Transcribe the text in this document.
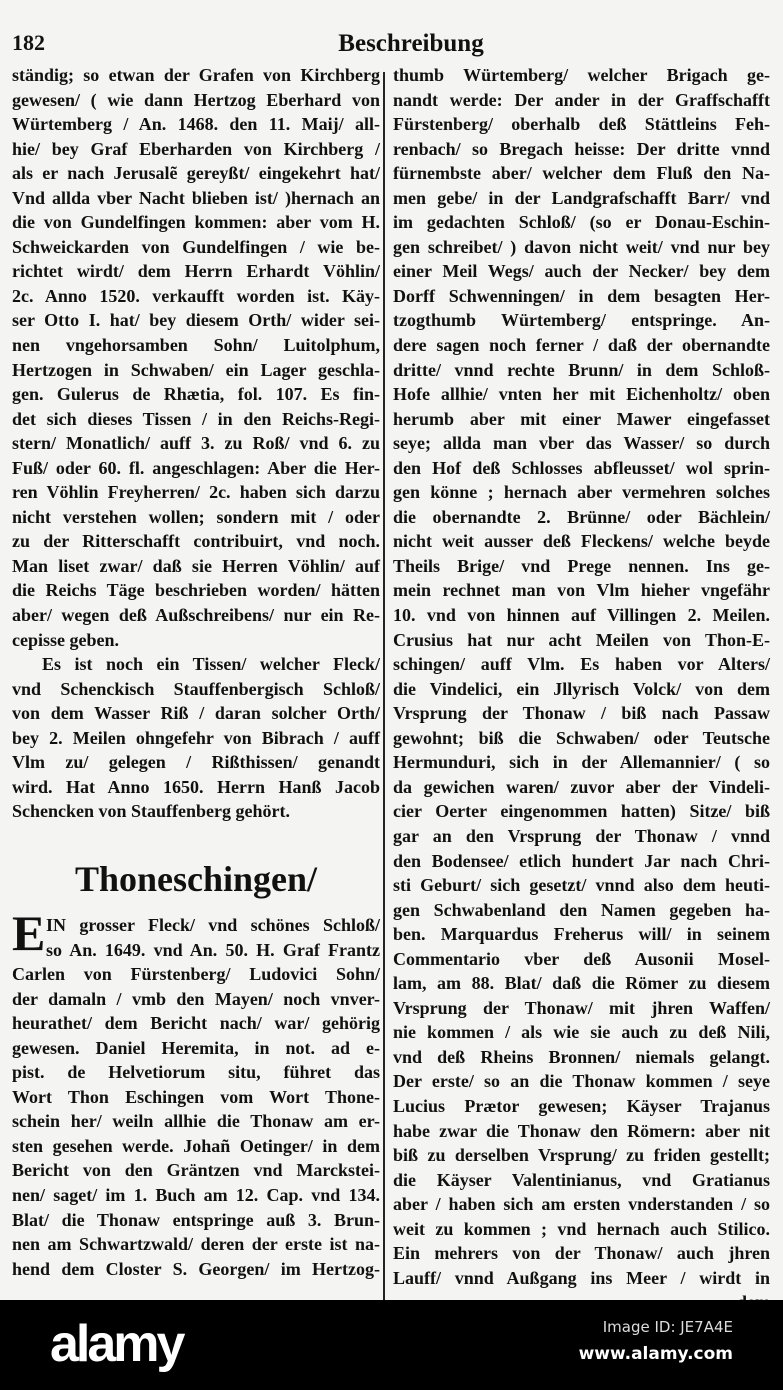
182	Beschreibung
ständig; so etwan der Grafen von Kirchberg
gewesen/ ( wie dann Hertzog Eberhard von
Würtemberg / An. 1468. den 11. Maij/ all-
hie/ bey Graf Eberharden von Kirchberg /
als er nach Jerusalẽ gereyßt/ eingekehrt hat/
Vnd allda vber Nacht blieben ist/ )hernach an
die von Gundelfingen kommen: aber vom H.
Schweickarden von Gundelfingen / wie be-
richtet wirdt/ dem Herrn Erhardt Vöhlin/
2c. Anno 1520. verkaufft worden ist. Käy-
ser Otto I. hat/ bey diesem Orth/ wider sei-
nen vngehorsamben Sohn/ Luitolphum,
Hertzogen in Schwaben/ ein Lager geschla-
gen. Gulerus de Rhætia, fol. 107. Es fin-
det sich dieses Tissen / in den Reichs-Regi-
stern/ Monatlich/ auff 3. zu Roß/ vnd 6. zu
Fuß/ oder 60. fl. angeschlagen: Aber die Her-
ren Vöhlin Freyherren/ 2c. haben sich darzu
nicht verstehen wollen; sondern mit / oder
zu der Ritterschafft contribuirt, vnd noch.
Man liset zwar/ daß sie Herren Vöhlin/ auf
die Reichs Täge beschrieben worden/ hätten
aber/ wegen deß Außschreibens/ nur ein Re-
cepisse geben.
Es ist noch ein Tissen/ welcher Fleck/
vnd Schenckisch Stauffenbergisch Schloß/
von dem Wasser Riß / daran solcher Orth/
bey 2. Meilen ohngefehr von Bibrach / auff
Vlm zu/ gelegen / Rißthissen/ genandt
wird. Hat Anno 1650. Herrn Hanß Jacob
Schencken von Stauffenberg gehört.
Thoneschingen/
E IN grosser Fleck/ vnd schönes Schloß/
so An. 1649. vnd An. 50. H. Graf Frantz
Carlen von Fürstenberg/ Ludovici Sohn/
der damaln / vmb den Mayen/ noch vnver-
heurathet/ dem Bericht nach/ war/ gehörig
gewesen. Daniel Heremita, in not. ad e-
pist. de Helvetiorum situ, führet das
Wort Thon Eschingen vom Wort Thone-
schein her/ weiln allhie die Thonaw am er-
sten gesehen werde. Johañ Oetinger/ in dem
Bericht von den Gräntzen vnd Marckstei-
nen/ saget/ im 1. Buch am 12. Cap. vnd 134.
Blat/ die Thonaw entspringe auß 3. Brun-
nen am Schwartzwald/ deren der erste ist na-
hend dem Closter S. Georgen/ im Hertzog-
thumb Würtemberg/ welcher Brigach ge-
nandt werde: Der ander in der Graffschafft
Fürstenberg/ oberhalb deß Stättleins Feh-
renbach/ so Bregach heisse: Der dritte vnnd
fürnembste aber/ welcher dem Fluß den Na-
men gebe/ in der Landgrafschafft Barr/ vnd
im gedachten Schloß/ (so er Donau-Eschin-
gen schreibet/ ) davon nicht weit/ vnd nur bey
einer Meil Wegs/ auch der Necker/ bey dem
Dorff Schwenningen/ in dem besagten Her-
tzogthumb Würtemberg/ entspringe. An-
dere sagen noch ferner / daß der obernandte
dritte/ vnnd rechte Brunn/ in dem Schloß-
Hofe allhie/ vnten her mit Eichenholtz/ oben
herumb aber mit einer Mawer eingefasset
seye; allda man vber das Wasser/ so durch
den Hof deß Schlosses abfleusset/ wol sprin-
gen könne ; hernach aber vermehren solches
die obernandte 2. Brünne/ oder Bächlein/
nicht weit ausser deß Fleckens/ welche beyde
Theils Brige/ vnd Prege nennen. Ins ge-
mein rechnet man von Vlm hieher vngefähr
10. vnd von hinnen auf Villingen 2. Meilen.
Crusius hat nur acht Meilen von Thon-E-
schingen/ auff Vlm. Es haben vor Alters/
die Vindelici, ein Jllyrisch Volck/ von dem
Vrsprung der Thonaw / biß nach Passaw
gewohnt; biß die Schwaben/ oder Teutsche
Hermunduri, sich in der Allemannier/ ( so
da gewichen waren/ zuvor aber der Vindeli-
cier Oerter eingenommen hatten) Sitze/ biß
gar an den Vrsprung der Thonaw / vnnd
den Bodensee/ etlich hundert Jar nach Chri-
sti Geburt/ sich gesetzt/ vnnd also dem heuti-
gen Schwabenland den Namen gegeben ha-
ben. Marquardus Freherus will/ in seinem
Commentario vber deß Ausonii Mosel-
lam, am 88. Blat/ daß die Römer zu diesem
Vrsprung der Thonaw/ mit jhren Waffen/
nie kommen / als wie sie auch zu deß Nili,
vnd deß Rheins Bronnen/ niemals gelangt.
Der erste/ so an die Thonaw kommen / seye
Lucius Prætor gewesen; Käyser Trajanus
habe zwar die Thonaw den Römern: aber nit
biß zu derselben Vrsprung/ zu friden gestellt;
die Käyser Valentinianus, vnd Gratianus
aber / haben sich am ersten vnderstanden / so
weit zu kommen ; vnd hernach auch Stilico.
Ein mehrers von der Thonaw/ auch jhren
Lauff/ vnnd Außgang ins Meer / wirdt in
alamy	Image ID: JE7A4E
www.alamy.com
